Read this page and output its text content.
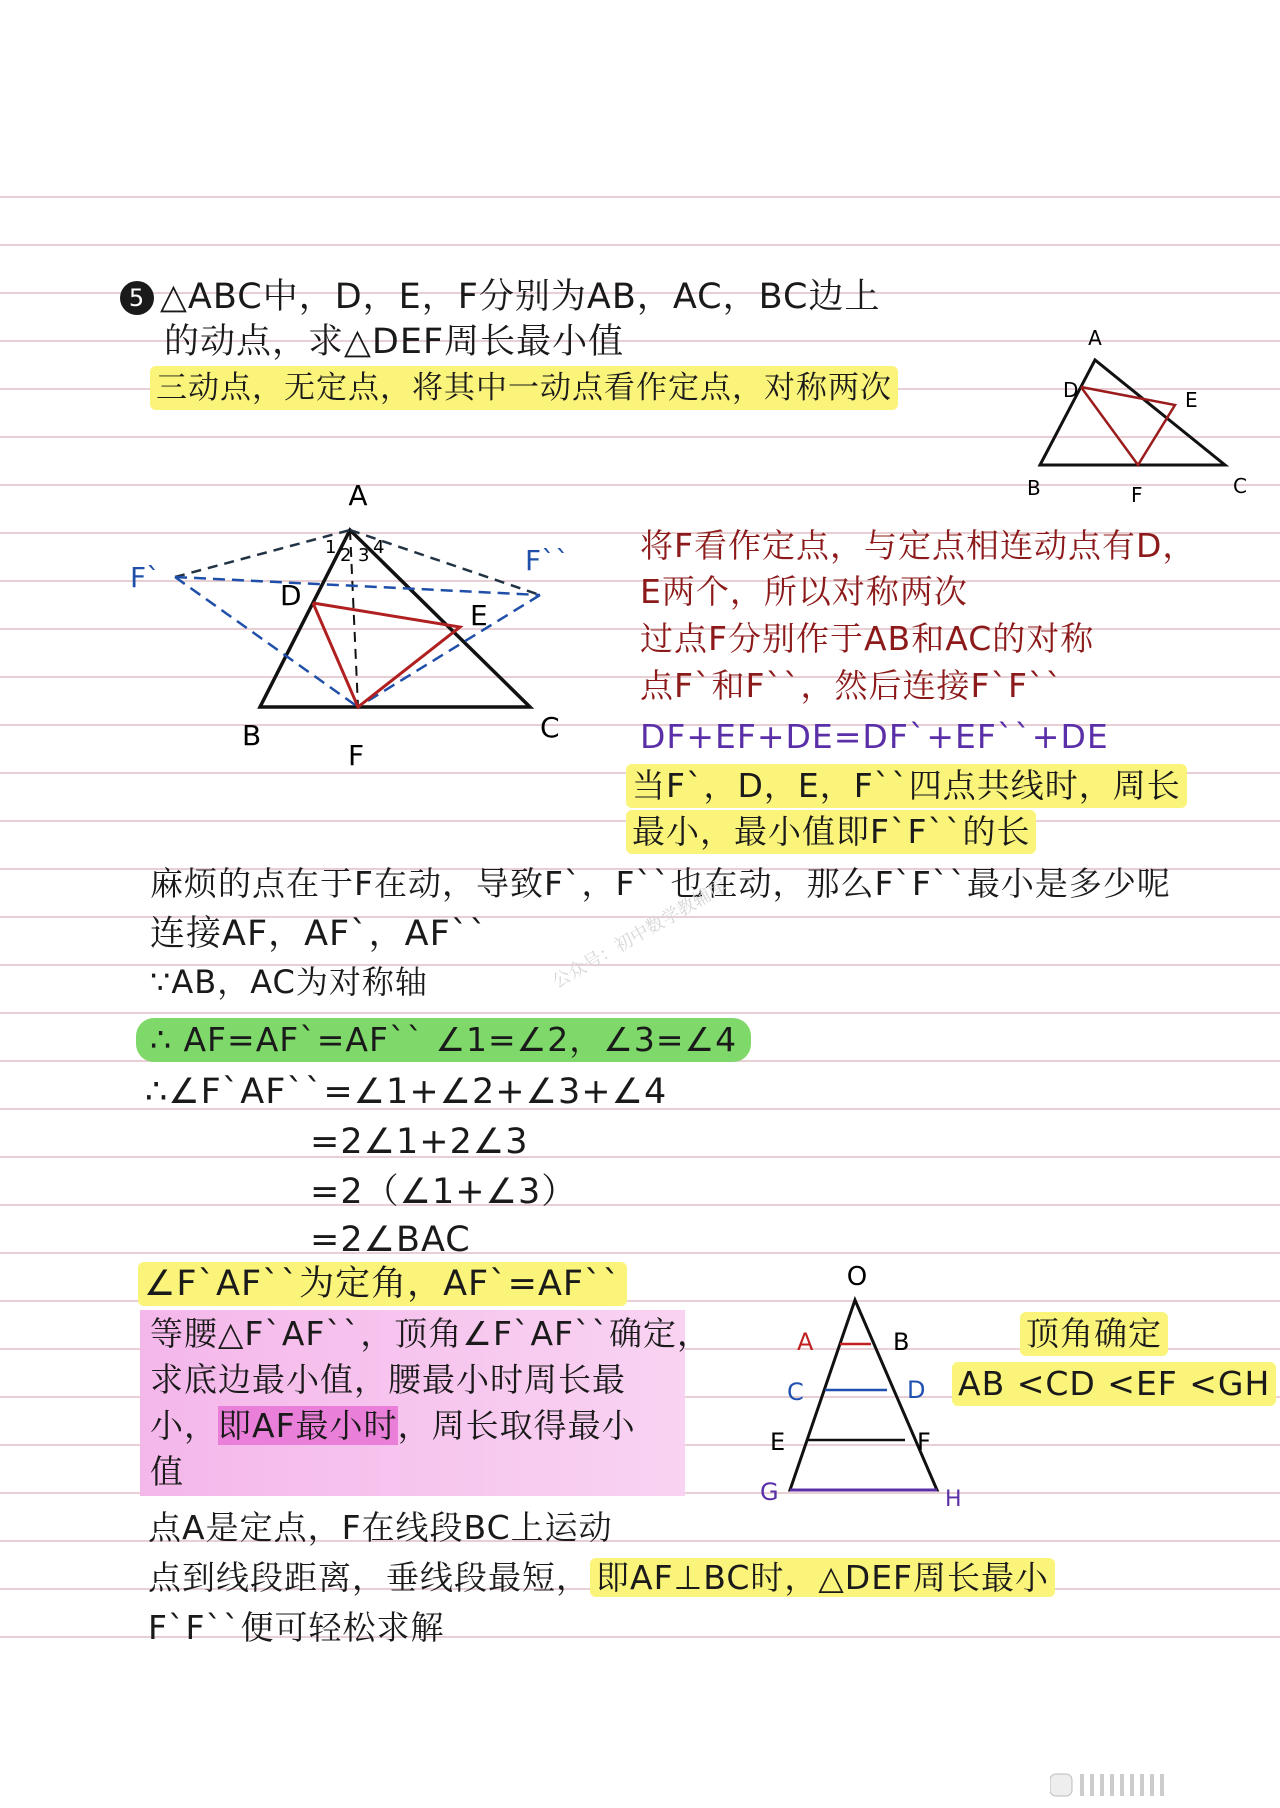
5 △ABC中，D，E，F分别为AB，AC，BC边上
的动点，求△DEF周长最小值
三动点，无定点，将其中一动点看作定点，对称两次
A
D	E
B	F	C
A
B	C
D
E
F
F`
F``
1 2 3 4	将F看作定点，与定点相连动点有D，
E两个，所以对称两次
过点F分别作于AB和AC的对称
点F`和F``，然后连接F`F``
DF+EF+DE=DF`+EF``+DE
当F`，D，E，F``四点共线时，周长
最小，最小值即F`F``的长
麻烦的点在于F在动，导致F`，F``也在动，那么F`F``最小是多少呢
连接AF，AF`，AF``
∵AB，AC为对称轴
∴ AF=AF`=AF`` ∠1=∠2，∠3=∠4
∴∠F`AF``=∠1+∠2+∠3+∠4
=2∠1+2∠3
=2（∠1+∠3）
=2∠BAC
∠F`AF``为定角，AF`=AF``
等腰△F`AF``，顶角∠F`AF``确定，
求底边最小值，腰最小时周长最
小，即AF最小时，周长取得最小
值
点A是定点，F在线段BC上运动
点到线段距离，垂线段最短， 即AF⊥BC时，△DEF周长最小
F`F``便可轻松求解
O
A	B
C	D
E	F
G	H
顶角确定
AB <CD <EF <GH
公众号：初中数学教辅库
